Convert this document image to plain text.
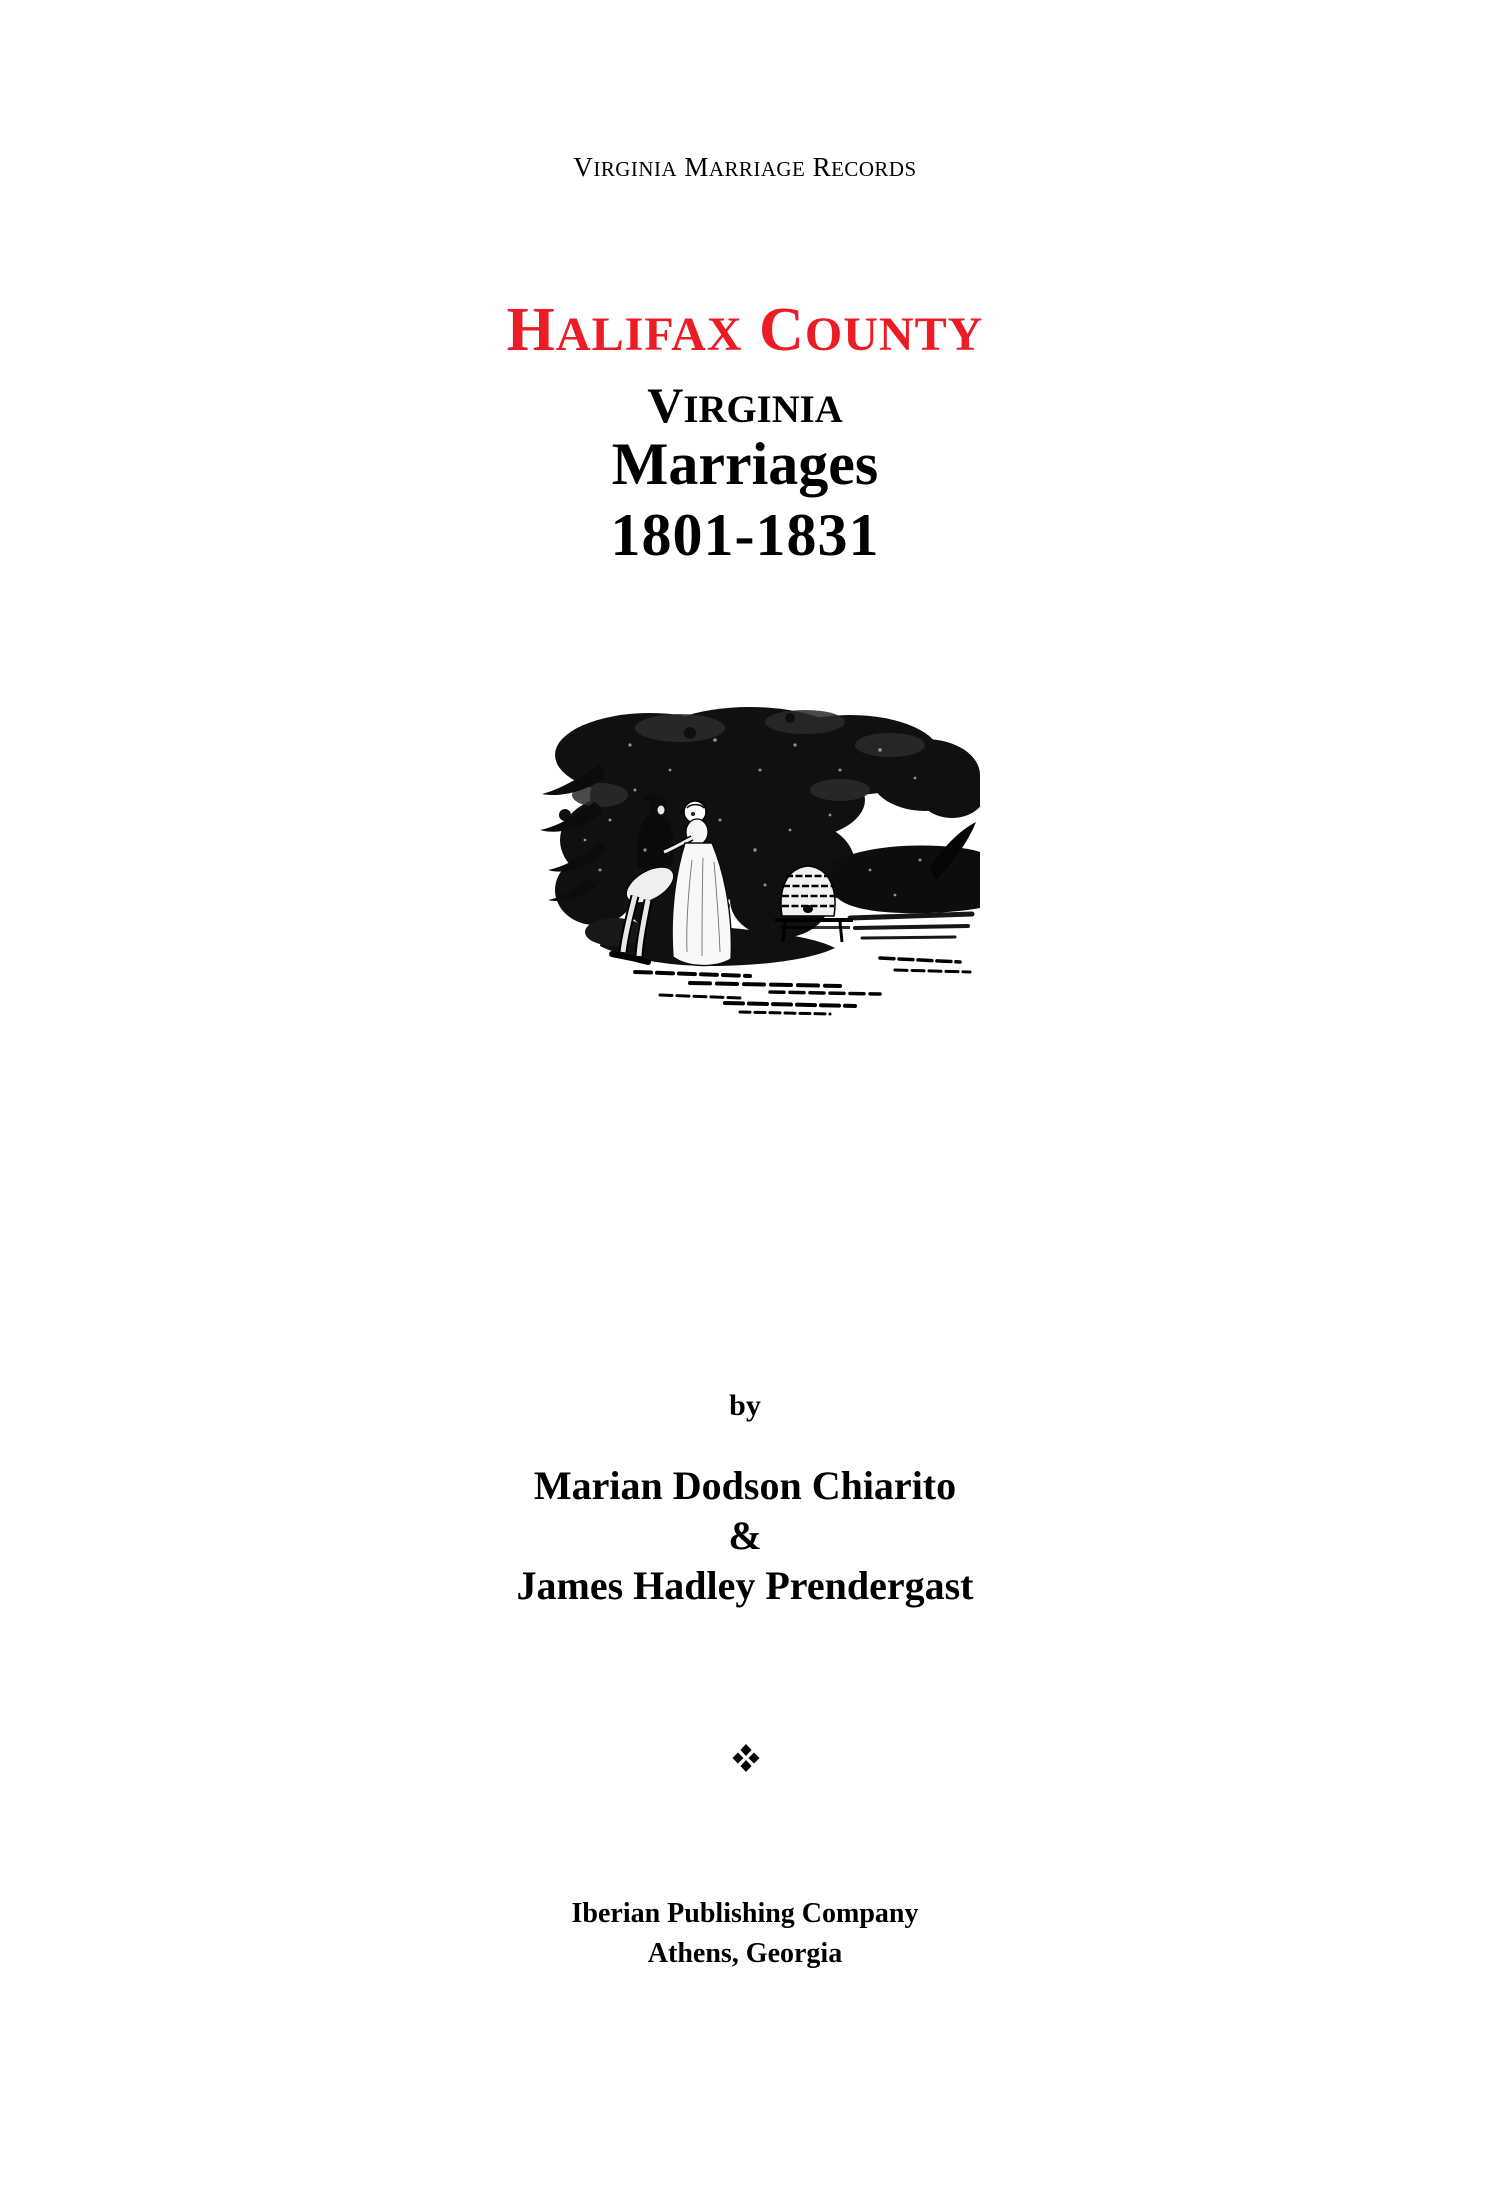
VIRGINIA MARRIAGE RECORDS
HALIFAX COUNTY
VIRGINIA
Marriages
1801-1831
by
Marian Dodson Chiarito
&
James Hadley Prendergast
Iberian Publishing Company
Athens, Georgia
